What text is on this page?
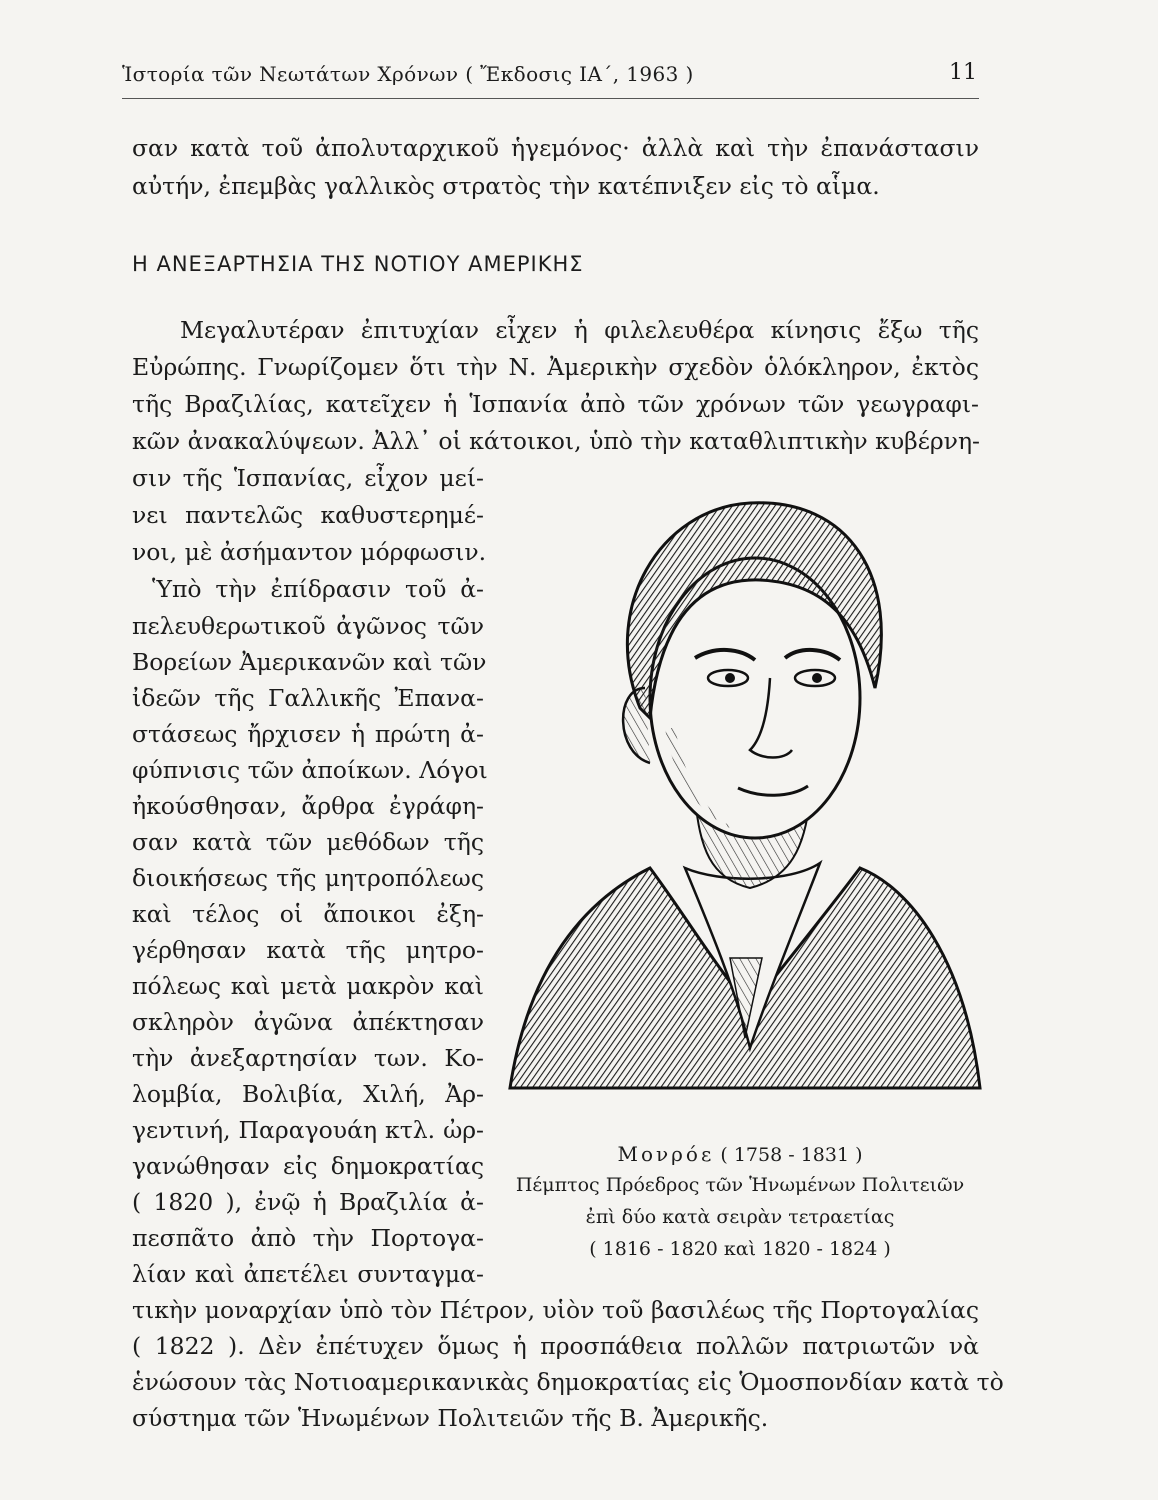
Ἱστορία τῶν Νεωτάτων Χρόνων ( Ἔκδοσις ΙΑ΄, 1963 )	11
σαν κατὰ τοῦ ἀπολυταρχικοῦ ἡγεμόνος· ἀλλὰ καὶ τὴν ἐπανάστασιν
αὐτήν, ἐπεμβὰς γαλλικὸς στρατὸς τὴν κατέπνιξεν εἰς τὸ αἷμα.
Η ΑΝΕΞΑΡΤΗΣΙΑ ΤΗΣ ΝΟΤΙΟΥ ΑΜΕΡΙΚΗΣ
Μεγαλυτέραν ἐπιτυχίαν εἶχεν ἡ φιλελευθέρα κίνησις ἔξω τῆς
Εὐρώπης. Γνωρίζομεν ὅτι τὴν Ν. Ἀμερικὴν σχεδὸν ὁλόκληρον, ἐκτὸς
τῆς Βραζιλίας, κατεῖχεν ἡ Ἱσπανία ἀπὸ τῶν χρόνων τῶν γεωγραφι-
κῶν ἀνακαλύψεων. Ἀλλ᾽ οἱ κάτοικοι, ὑπὸ τὴν καταθλιπτικὴν κυβέρνη-
σιν τῆς Ἱσπανίας, εἶχον μεί-
νει παντελῶς καθυστερημέ-
νοι, μὲ ἀσήμαντον μόρφωσιν.
Ὑπὸ τὴν ἐπίδρασιν τοῦ ἀ-
πελευθερωτικοῦ ἀγῶνος τῶν
Βορείων Ἀμερικανῶν καὶ τῶν
ἰδεῶν τῆς Γαλλικῆς Ἐπανα-
στάσεως ἤρχισεν ἡ πρώτη ἀ-
φύπνισις τῶν ἀποίκων. Λόγοι
ἠκούσθησαν, ἄρθρα ἐγράφη-
σαν κατὰ τῶν μεθόδων τῆς
διοικήσεως τῆς μητροπόλεως
καὶ τέλος οἱ ἄποικοι ἐξη-
γέρθησαν κατὰ τῆς μητρο-
πόλεως καὶ μετὰ μακρὸν καὶ
σκληρὸν ἀγῶνα ἀπέκτησαν
τὴν ἀνεξαρτησίαν των. Κο-
λομβία, Βολιβία, Χιλή, Ἀρ-
γεντινή, Παραγουάη κτλ. ὠρ-
γανώθησαν εἰς δημοκρατίας
( 1820 ), ἐνῷ ἡ Βραζιλία ἀ-
πεσπᾶτο ἀπὸ τὴν Πορτογα-
λίαν καὶ ἀπετέλει συνταγμα-
τικὴν μοναρχίαν ὑπὸ τὸν Πέτρον, υἱὸν τοῦ βασιλέως τῆς Πορτογαλίας
( 1822 ). Δὲν ἐπέτυχεν ὅμως ἡ προσπάθεια πολλῶν πατριωτῶν νὰ
ἑνώσουν τὰς Νοτιοαμερικανικὰς δημοκρατίας εἰς Ὁμοσπονδίαν κατὰ τὸ
σύστημα τῶν Ἡνωμένων Πολιτειῶν τῆς Β. Ἀμερικῆς.
Μονρόε ( 1758 - 1831 )
Πέμπτος Πρόεδρος τῶν Ἡνωμένων Πολιτειῶν
ἐπὶ δύο κατὰ σειρὰν τετραετίας
( 1816 - 1820 καὶ 1820 - 1824 )
